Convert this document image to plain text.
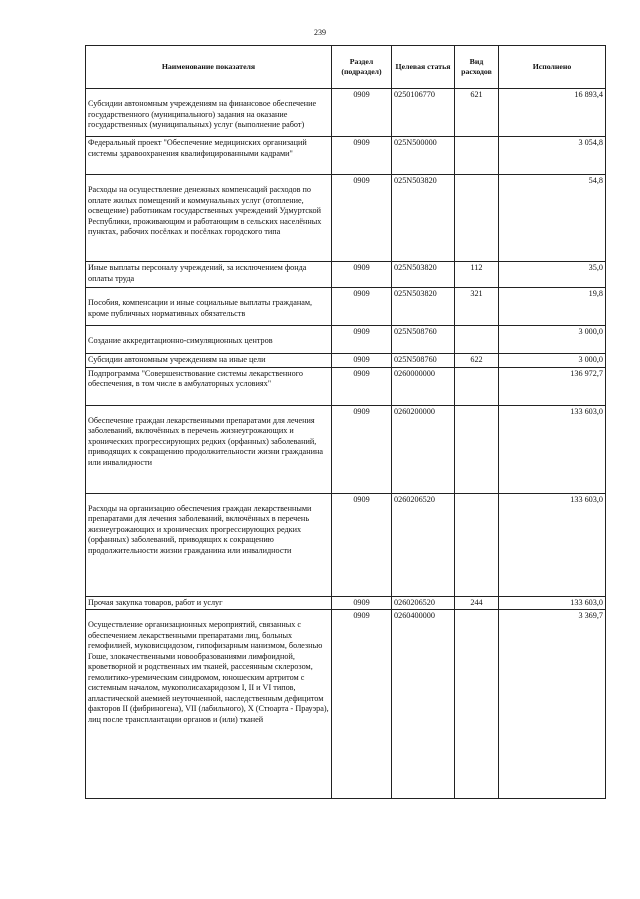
239
Наименование показателя	Раздел (подраздел)	Целевая статья	Вид расходов	Исполнено

Субсидии автономным учреждениям на финансовое обеспечение государственного (муниципального) задания на оказание государственных (муниципальных) услуг (выполнение работ)	0909	0250106770	621	16 893,4

Федеральный проект "Обеспечение медицинских организаций системы здравоохранения квалифицированными кадрами"	0909	025N500000		3 054,8

Расходы на осуществление денежных компенсаций расходов по оплате жилых помещений и коммунальных услуг (отопление, освещение) работникам государственных учреждений Удмуртской Республики, проживающим и работающим в сельских населённых пунктах, рабочих посёлках и посёлках городского типа	0909	025N503820		54,8

Иные выплаты персоналу учреждений, за исключением фонда оплаты труда	0909	025N503820	112	35,0

Пособия, компенсации и иные социальные выплаты гражданам, кроме публичных нормативных обязательств	0909	025N503820	321	19,8

Создание аккредитационно-симуляционных центров	0909	025N508760		3 000,0

Субсидии автономным учреждениям на иные цели	0909	025N508760	622	3 000,0

Подпрограмма "Совершенствование системы лекарственного обеспечения, в том числе в амбулаторных условиях"	0909	0260000000		136 972,7

Обеспечение граждан лекарственными препаратами для лечения заболеваний, включённых в перечень жизнеугрожающих и хронических прогрессирующих редких (орфанных) заболеваний, приводящих к сокращению продолжительности жизни гражданина или инвалидности	0909	0260200000		133 603,0

Расходы на организацию обеспечения граждан лекарственными препаратами для лечения заболеваний, включённых в перечень жизнеугрожающих и хронических прогрессирующих редких (орфанных) заболеваний, приводящих к сокращению продолжительности жизни гражданина или инвалидности	0909	0260206520		133 603,0

Прочая закупка товаров, работ и услуг	0909	0260206520	244	133 603,0

Осуществление организационных мероприятий, связанных с обеспечением лекарственными препаратами лиц, больных гемофилией, муковисцидозом, гипофизарным нанизмом, болезнью Гоше, злокачественными новообразованиями лимфоидной, кроветворной и родственных им тканей, рассеянным склерозом, гемолитико-уремическим синдромом, юношеским артритом с системным началом, мукополисахаридозом I, II и VI типов, апластической анемией неуточненной, наследственным дефицитом факторов II (фибриногена), VII (лабильного), X (Стюарта - Прауэра), лиц после трансплантации органов и (или) тканей	0909	0260400000		3 369,7
